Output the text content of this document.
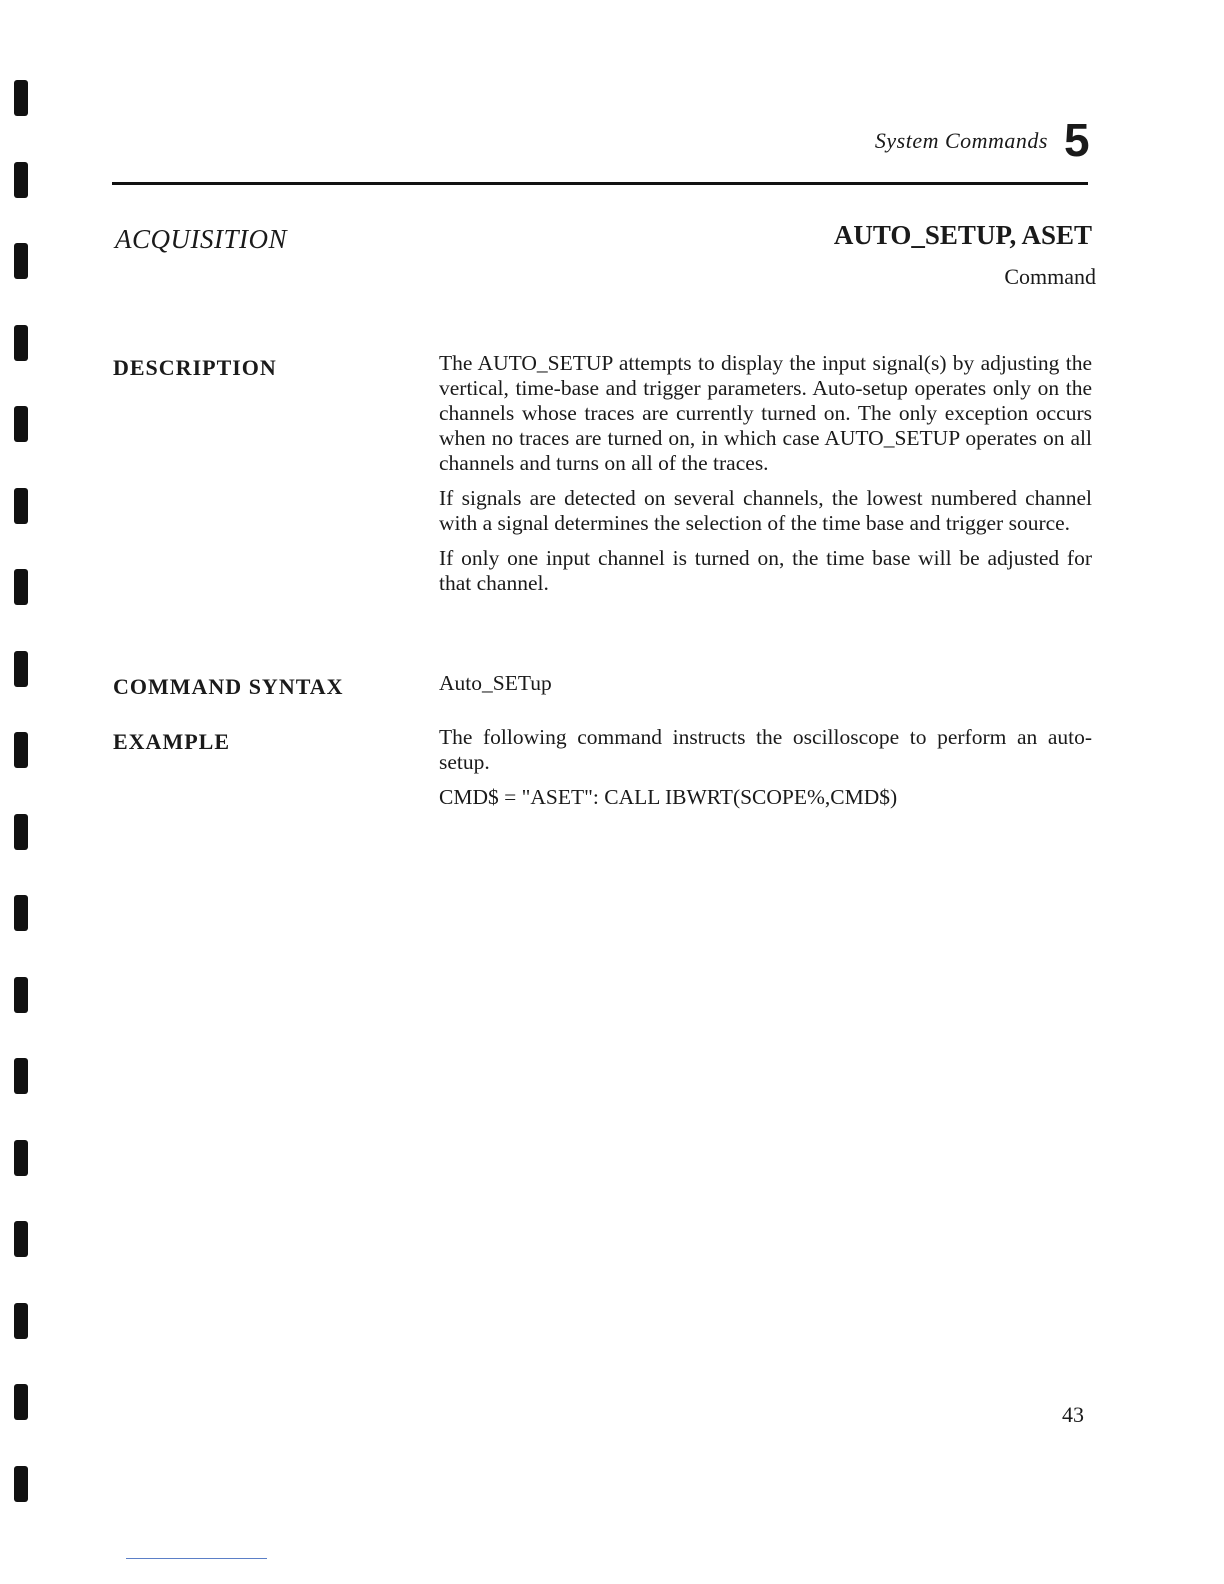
System Commands 5
ACQUISITION	AUTO_SETUP, ASET
Command
DESCRIPTION	The AUTO_SETUP attempts to display the input signal(s) by adjusting the vertical, time-base and trigger parameters. Auto-setup operates only on the channels whose traces are currently turned on. The only exception occurs when no traces are turned on, in which case AUTO_SETUP operates on all channels and turns on all of the traces.

If signals are detected on several channels, the lowest numbered channel with a signal determines the selection of the time base and trigger source.

If only one input channel is turned on, the time base will be adjusted for that channel.

COMMAND SYNTAX	Auto_SETup
EXAMPLE	The following command instructs the oscilloscope to perform an auto-setup.

CMD$ = "ASET": CALL IBWRT(SCOPE%,CMD$)
43
